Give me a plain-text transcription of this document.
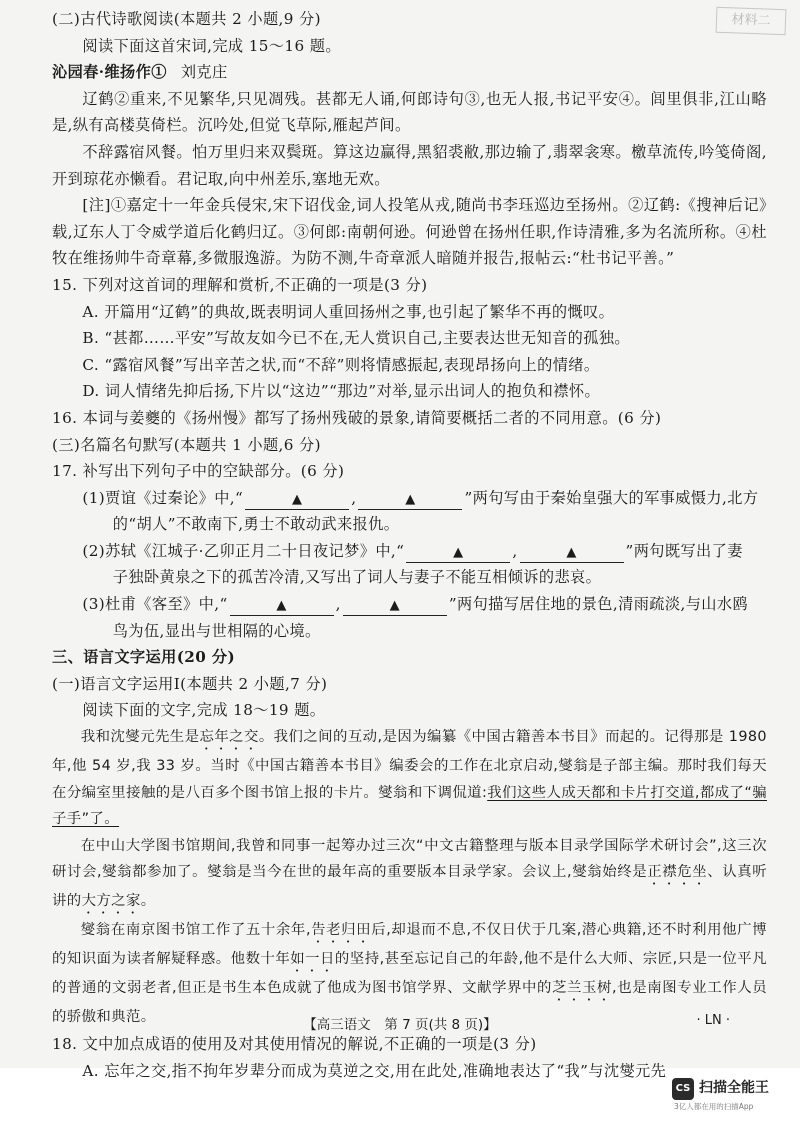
材料二

(二)古代诗歌阅读(本题共 2 小题,9 分)

阅读下面这首宋词,完成 15～16 题。

沁园春·维扬作① 刘克庄

辽鹤②重来,不见繁华,只见凋残。甚都无人诵,何郎诗句③,也无人报,书记平安④。闾里俱非,江山略是,纵有高楼莫倚栏。沉吟处,但觉飞草际,雁起芦间。

不辞露宿风餐。怕万里归来双鬓斑。算这边赢得,黑貂裘敝,那边输了,翡翠衾寒。檄草流传,吟笺倚阁,开到琼花亦懒看。君记取,向中州差乐,塞地无欢。

[注]①嘉定十一年金兵侵宋,宋下诏伐金,词人投笔从戎,随尚书李珏巡边至扬州。②辽鹤:《搜神后记》载,辽东人丁令威学道后化鹤归辽。③何郎:南朝何逊。何逊曾在扬州任职,作诗清雅,多为名流所称。④杜牧在维扬帅牛奇章幕,多微服逸游。为防不测,牛奇章派人暗随并报告,报帖云:“杜书记平善。”

15. 下列对这首词的理解和赏析,不正确的一项是(3 分)

A. 开篇用“辽鹤”的典故,既表明词人重回扬州之事,也引起了繁华不再的慨叹。

B. “甚都……平安”写故友如今已不在,无人赏识自己,主要表达世无知音的孤独。

C. “露宿风餐”写出辛苦之状,而“不辞”则将情感振起,表现昂扬向上的情绪。

D. 词人情绪先抑后扬,下片以“这边”“那边”对举,显示出词人的抱负和襟怀。

16. 本词与姜夔的《扬州慢》都写了扬州残破的景象,请简要概括二者的不同用意。(6 分)

(三)名篇名句默写(本题共 1 小题,6 分)

17. 补写出下列句子中的空缺部分。(6 分)

(1)贾谊《过秦论》中,“	▲	,	▲	”两句写由于秦始皇强大的军事威慑力,北方
的“胡人”不敢南下,勇士不敢动武来报仇。

(2)苏轼《江城子·乙卯正月二十日夜记梦》中,“	▲	,	▲	”两句既写出了妻
子独卧黄泉之下的孤苦冷清,又写出了词人与妻子不能互相倾诉的悲哀。

(3)杜甫《客至》中,“	▲	,	▲	”两句描写居住地的景色,清雨疏淡,与山水鸥
鸟为伍,显出与世相隔的心境。

三、语言文字运用(20 分)

(一)语言文字运用Ⅰ(本题共 2 小题,7 分)

阅读下面的文字,完成 18～19 题。

我和沈燮元先生是忘年之交。我们之间的互动,是因为编纂《中国古籍善本书目》而起的。记得那是 1980 年,他 54 岁,我 33 岁。当时《中国古籍善本书目》编委会的工作在北京启动,燮翁是子部主编。那时我们每天在分编室里接触的是八百多个图书馆上报的卡片。燮翁和下调侃道:我们这些人成天都和卡片打交道,都成了“骗子手”了。

在中山大学图书馆期间,我曾和同事一起筹办过三次“中文古籍整理与版本目录学国际学术研讨会”,这三次研讨会,燮翁都参加了。燮翁是当今在世的最年高的重要版本目录学家。会议上,燮翁始终是正襟危坐、认真听讲的大方之家。

燮翁在南京图书馆工作了五十余年,告老归田后,却退而不息,不仅日伏于几案,潜心典籍,还不时利用他广博的知识面为读者解疑释惑。他数十年如一日的坚持,甚至忘记自己的年龄,他不是什么大师、宗匠,只是一位平凡的普通的文弱老者,但正是书生本色成就了他成为图书馆学界、文献学界中的芝兰玉树,也是南图专业工作人员的骄傲和典范。

18. 文中加点成语的使用及对其使用情况的解说,不正确的一项是(3 分)

A. 忘年之交,指不拘年岁辈分而成为莫逆之交,用在此处,准确地表达了“我”与沈燮元先

【高三语文　第 7 页(共 8 页)】	· LN ·
CS 扫描全能王
3亿人都在用的扫描App
